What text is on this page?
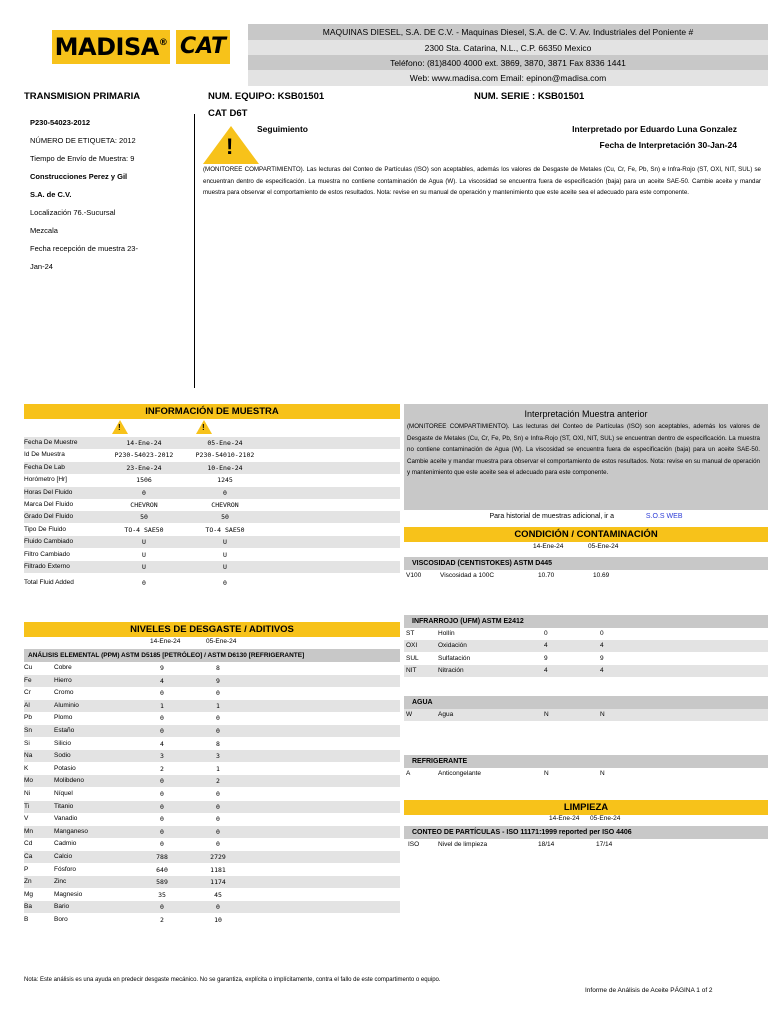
MADISA® CAT
MAQUINAS DIESEL, S.A. DE C.V. - Maquinas Diesel, S.A. de C. V. Av. Industriales del Poniente #
2300 Sta. Catarina, N.L., C.P. 66350 Mexico
Teléfono: (81)8400 4000 ext. 3869, 3870, 3871 Fax 8336 1441
Web: www.madisa.com Email: epinon@madisa.com
TRANSMISION PRIMARIA	NUM. EQUIPO: KSB01501	NUM. SERIE : KSB01501
CAT D6T
P230-54023-2012
NÚMERO DE ETIQUETA: 2012
Tiempo de Envío de Muestra: 9
Construcciones Perez y Gil
S.A. de C.V.
Localización 76.-Sucursal
Mezcala
Fecha recepción de muestra 23-
Jan-24
!
Seguimiento	Interpretado por Eduardo Luna Gonzalez
Fecha de Interpretación 30-Jan-24
(MONITOREE COMPARTIMIENTO). Las lecturas del Conteo de Partículas (ISO) son aceptables, además los valores de Desgaste de Metales (Cu, Cr, Fe, Pb, Sn) e Infra-Rojo (ST, OXI, NIT, SUL) se encuentran dentro de especificación. La muestra no contiene contaminación de Agua (W). La viscosidad se encuentra fuera de especificación (baja) para un aceite SAE-50. Cambie aceite y mandar muestra para observar el comportamiento de estos resultados. Nota: revise en su manual de operación y mantenimiento que este aceite sea el adecuado para este componente.
INFORMACIÓN DE MUESTRA
!	!
Fecha De Muestre	14-Ene-24	05-Ene-24
Id De Muestra	P230-54023-2012	P230-54010-2102
Fecha De Lab	23-Ene-24	10-Ene-24
Horómetro [Hr]	1506	1245
Horas Del Fluido	0	0
Marca Del Fluido	CHEVRON	CHEVRON
Grado Del Fluido	50	50
Tipo De Fluido	TO-4 SAE50	TO-4 SAE50
Fluido Cambiado	U	U
Filtro Cambiado	U	U
Filtrado Externo	U	U
Total Fluid Added	0	0
Interpretación Muestra anterior
(MONITOREE COMPARTIMIENTO). Las lecturas del Conteo de Partículas (ISO) son aceptables, además los valores de Desgaste de Metales (Cu, Cr, Fe, Pb, Sn) e Infra-Rojo (ST, OXI, NIT, SUL) se encuentran dentro de especificación. La muestra no contiene contaminación de Agua (W). La viscosidad se encuentra fuera de especificación (baja) para un aceite SAE-50. Cambie aceite y mandar muestra para observar el comportamiento de estos resultados. Nota: revise en su manual de operación y mantenimiento que este aceite sea el adecuado para este componente.
Para historial de muestras adicional, ir a	S.O.S WEB
CONDICIÓN / CONTAMINACIÓN
14-Ene-24	05-Ene-24
VISCOSIDAD (CENTISTOKES) ASTM D445
V100	Viscosidad a 100C	10.70	10.69
INFRARROJO (UFM) ASTM E2412
ST	Hollín	0	0
OXI	Oxidación	4	4
SUL	Sulfatación	9	9
NIT	Nitración	4	4
AGUA
W	Agua	N	N
REFRIGERANTE
A	Anticongelante	N	N
LIMPIEZA
14-Ene-24 05-Ene-24
CONTEO DE PARTÍCULAS - ISO 11171:1999 reported per ISO 4406
ISO	Nivel de limpieza	18/14	17/14
NIVELES DE DESGASTE / ADITIVOS
14-Ene-24	05-Ene-24
ANÁLISIS ELEMENTAL (PPM) ASTM D5185 [PETRÓLEO] / ASTM D6130 [REFRIGERANTE]
Cu	Cobre	9	8
Fe	Hierro	4	9
Cr	Cromo	0	0
Al	Aluminio	1	1
Pb	Plomo	0	0
Sn	Estaño	0	0
Si	Silicio	4	8
Na	Sodio	3	3
K	Potasio	2	1
Mo	Molibdeno	0	2
Ni	Níquel	0	0
Ti	Titanio	0	0
V	Vanadio	0	0
Mn	Manganeso	0	0
Cd	Cadmio	0	0
Ca	Calcio	788	2729
P	Fósforo	640	1181
Zn	Zinc	589	1174
Mg	Magnesio	35	45
Ba	Bario	0	0
B	Boro	2	10
Nota: Este análisis es una ayuda en predecir desgaste mecánico. No se garantiza, explícita o implícitamente, contra el fallo de este compartimento o equipo.
Informe de Análisis de Aceite PÁGINA 1 of 2
